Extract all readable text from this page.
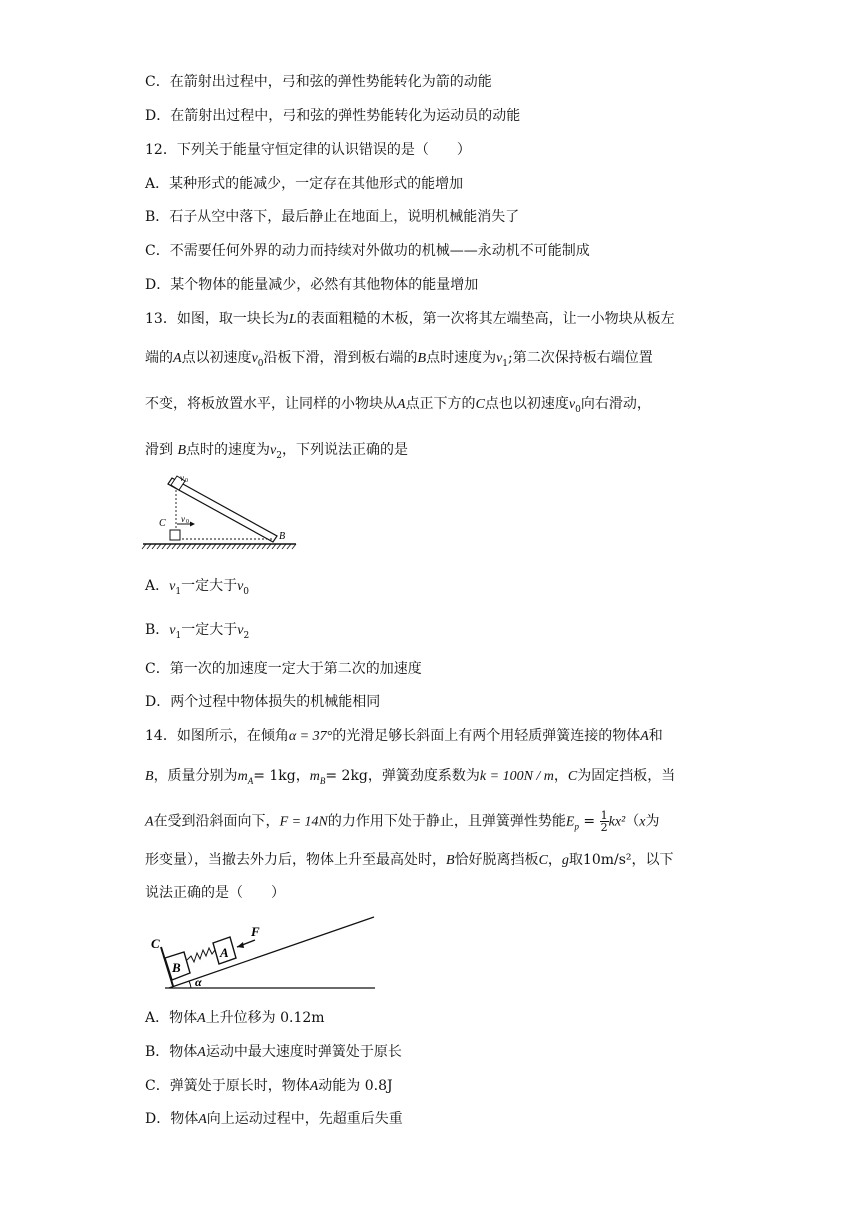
C．在箭射出过程中，弓和弦的弹性势能转化为箭的动能
D．在箭射出过程中，弓和弦的弹性势能转化为运动员的动能
12．下列关于能量守恒定律的认识错误的是（　　）
A．某种形式的能减少，一定存在其他形式的能增加
B．石子从空中落下，最后静止在地面上，说明机械能消失了
C．不需要任何外界的动力而持续对外做功的机械——永动机不可能制成
D．某个物体的能量减少，必然有其他物体的能量增加
13．如图，取一块长为L的表面粗糙的木板，第一次将其左端垫高，让一小物块从板左
端的A点以初速度$v_0$沿板下滑，滑到板右端的B点时速度为$v_1$;第二次保持板右端位置
不变，将板放置水平，让同样的小物块从A点正下方的C点也以初速度$v_0$向右滑动，
滑到 B点时的速度为$v_2$，下列说法正确的是
v 0
v 0
C
B
A．$v_1$一定大于$v_0$
B．$v_1$一定大于$v_2$
C．第一次的加速度一定大于第二次的加速度
D．两个过程中物体损失的机械能相同
14．如图所示，在倾角α = 37°的光滑足够长斜面上有两个用轻质弹簧连接的物体A和
B，质量分别为$m_A= 1kg$，$m_B= 2kg$，弹簧劲度系数为k = 100N / m，C为固定挡板，当
A在受到沿斜面向下，F = 14N的力作用下处于静止，且弹簧弹性势能$E_p = \frac{1}{2} kx^2(x$为
形变量），当撤去外力后，物体上升至最高处时，B恰好脱离挡板C，g取10m/s²，以下
说法正确的是（　　）
C
B
A
F
α
A．物体A上升位移为 0.12m
B．物体A运动中最大速度时弹簧处于原长
C．弹簧处于原长时，物体A动能为 0.8J
D．物体A向上运动过程中，先超重后失重
